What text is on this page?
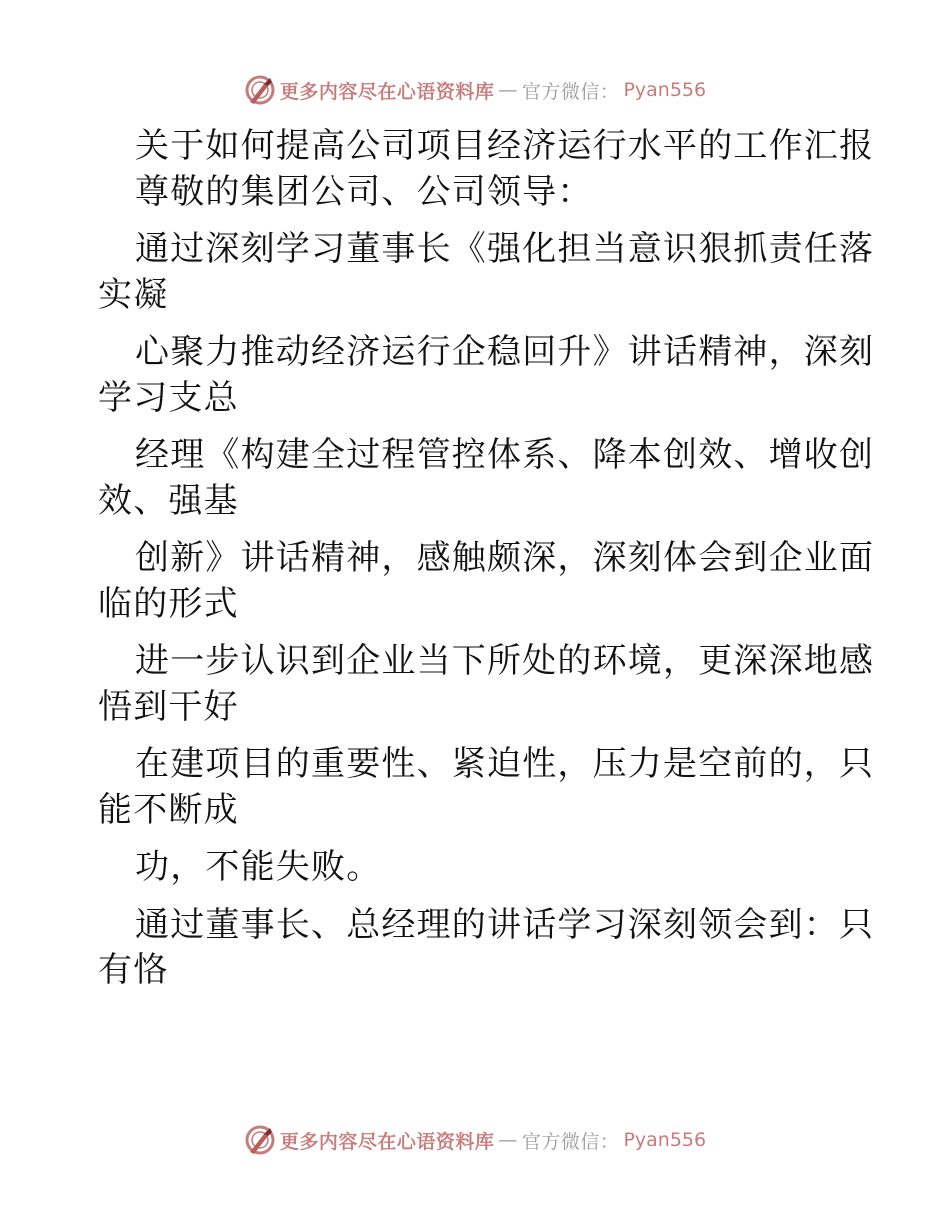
更多内容尽在心语资料库 — 官方微信： Pyan556
关于如何提高公司项目经济运行水平的工作汇报
尊敬的集团公司、公司领导：
通过深刻学习董事长《强化担当意识狠抓责任落
实凝
心聚力推动经济运行企稳回升》讲话精神，深刻
学习支总
经理《构建全过程管控体系、降本创效、增收创
效、强基
创新》讲话精神，感触颇深，深刻体会到企业面
临的形式
进一步认识到企业当下所处的环境，更深深地感
悟到干好
在建项目的重要性、紧迫性，压力是空前的，只
能不断成
功，不能失败。
通过董事长、总经理的讲话学习深刻领会到：只
有恪
更多内容尽在心语资料库 — 官方微信： Pyan556
